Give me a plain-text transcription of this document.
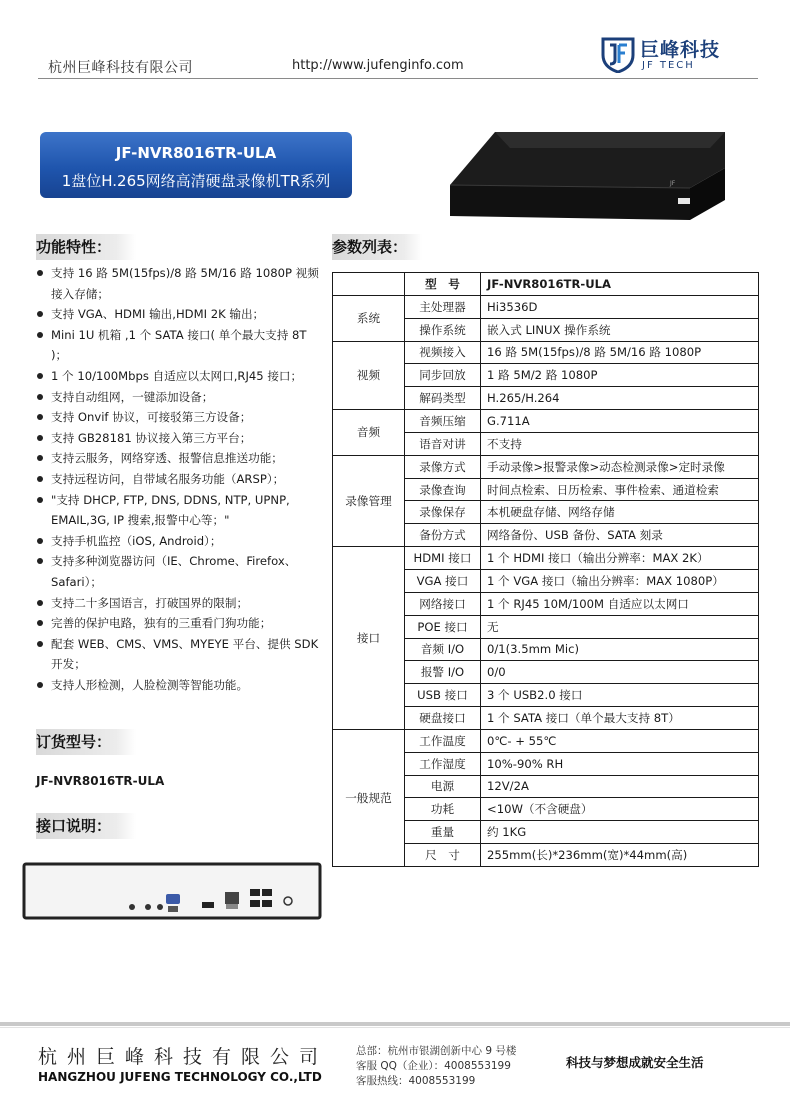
杭州巨峰科技有限公司	http://www.jufenginfo.com
巨峰科技
JF TECH
JF-NVR8016TR-ULA
1盘位H.265网络高清硬盘录像机TR系列	JF
功能特性：
支持 16 路 5M(15fps)/8 路 5M/16 路 1080P 视频接入存储；
支持 VGA、HDMI 输出,HDMI 2K 输出；
Mini 1U 机箱 ,1 个 SATA 接口( 单个最大支持 8T )；
1 个 10/100Mbps 自适应以太网口,RJ45 接口；
支持自动组网，一键添加设备；
支持 Onvif 协议，可接驳第三方设备；
支持 GB28181 协议接入第三方平台；
支持云服务，网络穿透、报警信息推送功能；
支持远程访问，自带域名服务功能（ARSP）；
"支持 DHCP, FTP, DNS, DDNS, NTP, UPNP, EMAIL,3G, IP 搜索,报警中心等；"
支持手机监控（iOS, Android）；
支持多种浏览器访问（IE、Chrome、Firefox、Safari）；
支持二十多国语言，打破国界的限制；
完善的保护电路，独有的三重看门狗功能；
配套 WEB、CMS、VMS、MYEYE 平台、提供 SDK 开发；
支持人形检测，人脸检测等智能功能。
订货型号：
JF-NVR8016TR-ULA
接口说明：
参数列表：
	型　号	JF-NVR8016TR-ULA
系统	主处理器	Hi3536D
	操作系统	嵌入式 LINUX 操作系统
视频	视频接入	16 路 5M(15fps)/8 路 5M/16 路 1080P
	同步回放	1 路 5M/2 路 1080P
	解码类型	H.265/H.264
音频	音频压缩	G.711A
	语音对讲	不支持
录像管理	录像方式	手动录像>报警录像>动态检测录像>定时录像
	录像查询	时间点检索、日历检索、事件检索、通道检索
	录像保存	本机硬盘存储、网络存储
	备份方式	网络备份、USB 备份、SATA 刻录
接口	HDMI 接口	1 个 HDMI 接口（输出分辨率：MAX 2K）
	VGA 接口	1 个 VGA 接口（输出分辨率：MAX 1080P）
	网络接口	1 个 RJ45 10M/100M 自适应以太网口
	POE 接口	无
	音频 I/O	0/1(3.5mm Mic)
	报警 I/O	0/0
	USB 接口	3 个 USB2.0 接口
	硬盘接口	1 个 SATA 接口（单个最大支持 8T）
一般规范	工作温度	0℃- + 55℃
	工作湿度	10%-90% RH
	电源	12V/2A
	功耗	<10W（不含硬盘）
	重量	约 1KG
	尺　寸	255mm(长)*236mm(宽)*44mm(高)
杭州巨峰科技有限公司
HANGZHOU JUFENG TECHNOLOGY CO.,LTD
总部：杭州市银湖创新中心 9 号楼
客服 QQ（企业）：4008553199
客服热线：4008553199
科技与梦想成就安全生活
